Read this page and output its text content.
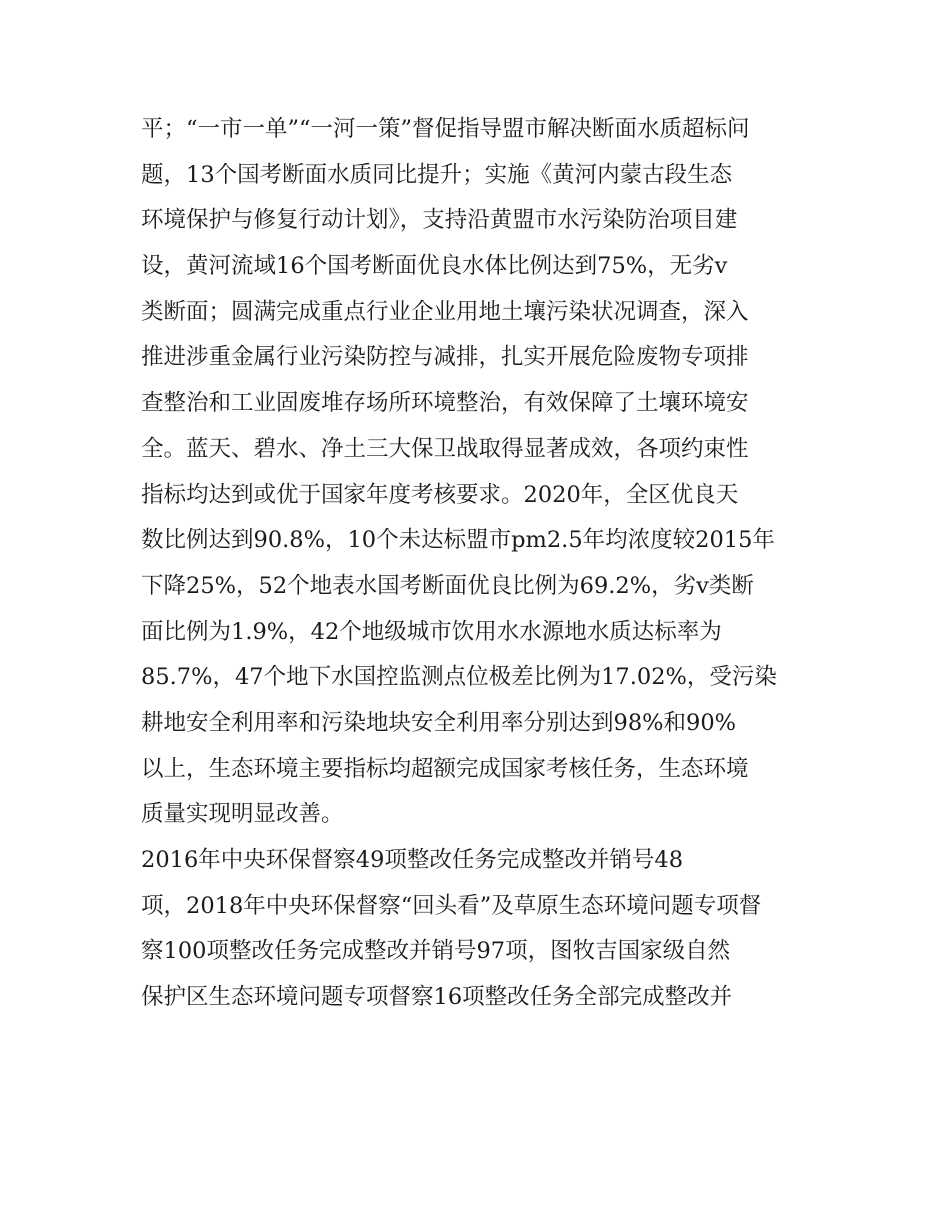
平；“一市一单”“一河一策”督促指导盟市解决断面水质超标问
题，13个国考断面水质同比提升；实施《黄河内蒙古段生态
环境保护与修复行动计划》，支持沿黄盟市水污染防治项目建
设，黄河流域16个国考断面优良水体比例达到75%，无劣ⅴ
类断面；圆满完成重点行业企业用地土壤污染状况调查，深入
推进涉重金属行业污染防控与减排，扎实开展危险废物专项排
查整治和工业固废堆存场所环境整治，有效保障了土壤环境安
全。蓝天、碧水、净土三大保卫战取得显著成效，各项约束性
指标均达到或优于国家年度考核要求。2020年，全区优良天
数比例达到90.8%，10个未达标盟市pm2.5年均浓度较2015年
下降25%，52个地表水国考断面优良比例为69.2%，劣ⅴ类断
面比例为1.9%，42个地级城市饮用水水源地水质达标率为
85.7%，47个地下水国控监测点位极差比例为17.02%，受污染
耕地安全利用率和污染地块安全利用率分别达到98%和90%
以上，生态环境主要指标均超额完成国家考核任务，生态环境
质量实现明显改善。
2016年中央环保督察49项整改任务完成整改并销号48
项，2018年中央环保督察“回头看”及草原生态环境问题专项督
察100项整改任务完成整改并销号97项，图牧吉国家级自然
保护区生态环境问题专项督察16项整改任务全部完成整改并
